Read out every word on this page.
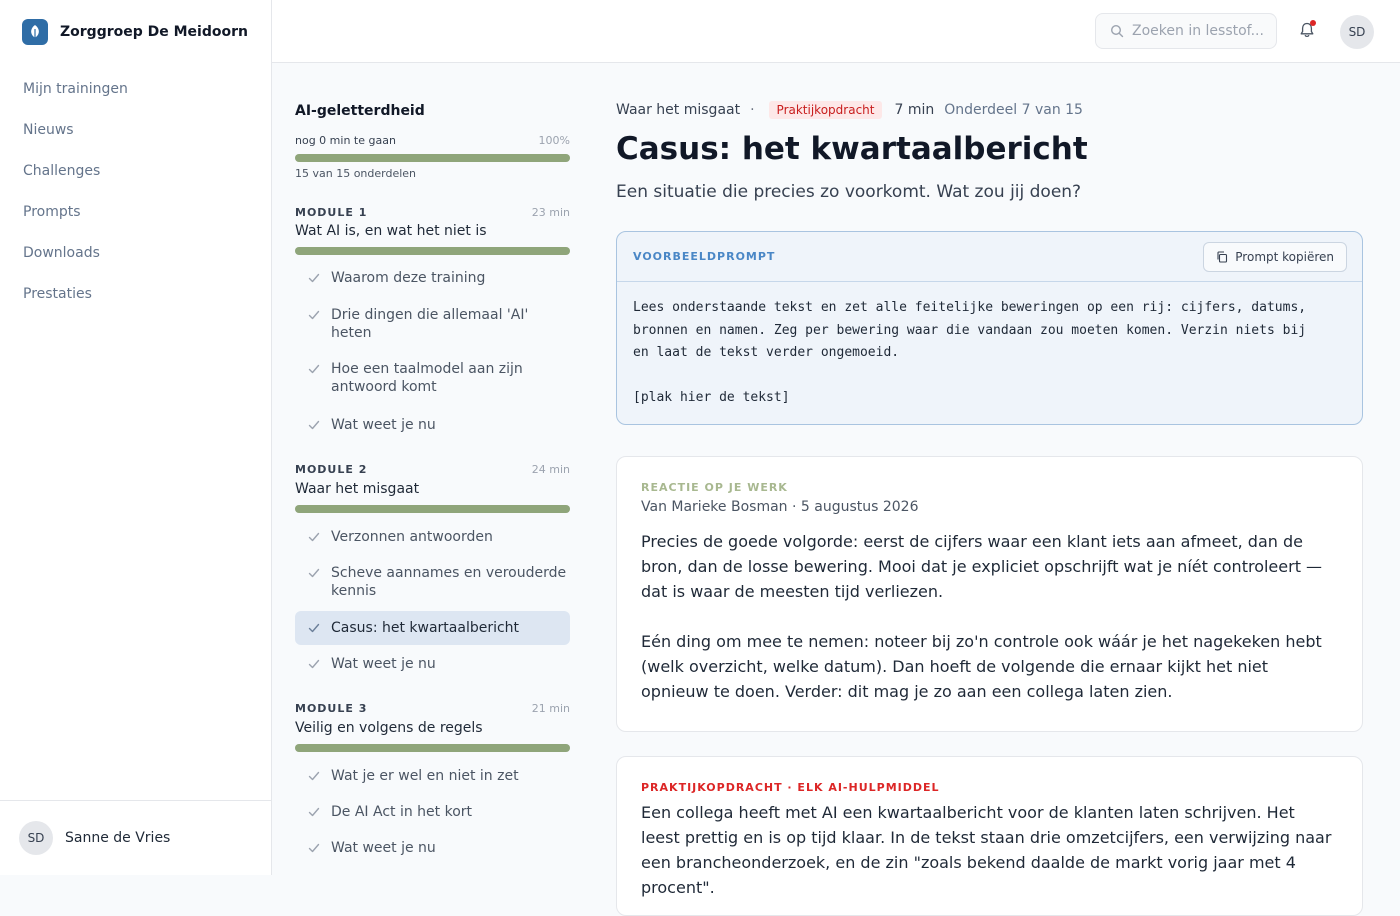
Zorggroep De Meidoorn
Mijn trainingen
Nieuws
Challenges
Prompts
Downloads
Prestaties
SD	Sanne de Vries
Zoeken in lesstof...	SD
AI-geletterdheid
nog 0 min te gaan	100%
15 van 15 onderdelen
MODULE 1	23 min
Wat AI is, en wat het niet is
Waarom deze training
Drie dingen die allemaal 'AI' heten
Hoe een taalmodel aan zijn antwoord komt
Wat weet je nu
MODULE 2	24 min
Waar het misgaat
Verzonnen antwoorden
Scheve aannames en verouderde kennis
Casus: het kwartaalbericht
Wat weet je nu
MODULE 3	21 min
Veilig en volgens de regels
Wat je er wel en niet in zet
De AI Act in het kort
Wat weet je nu
Waar het misgaat ·	Praktijkopdracht	7 min Onderdeel 7 van 15
Casus: het kwartaalbericht

Een situatie die precies zo voorkomt. Wat zou jij doen?

VOORBEELDPROMPT	Prompt kopiëren
Lees onderstaande tekst en zet alle feitelijke beweringen op een rij: cijfers, datums,
bronnen en namen. Zeg per bewering waar die vandaan zou moeten komen. Verzin niets bij
en laat de tekst verder ongemoeid.

[plak hier de tekst]
REACTIE OP JE WERK
Van Marieke Bosman · 5 augustus 2026

Precies de goede volgorde: eerst de cijfers waar een klant iets aan afmeet, dan de bron, dan de losse bewering. Mooi dat je expliciet opschrijft wat je níét controleert — dat is waar de meesten tijd verliezen.

Eén ding om mee te nemen: noteer bij zo'n controle ook wáár je het nagekeken hebt (welk overzicht, welke datum). Dan hoeft de volgende die ernaar kijkt het niet opnieuw te doen. Verder: dit mag je zo aan een collega laten zien.

PRAKTIJKOPDRACHT · ELK AI-HULPMIDDEL

Een collega heeft met AI een kwartaalbericht voor de klanten laten schrijven. Het leest prettig en is op tijd klaar. In de tekst staan drie omzetcijfers, een verwijzing naar een brancheonderzoek, en de zin "zoals bekend daalde de markt vorig jaar met 4 procent".
